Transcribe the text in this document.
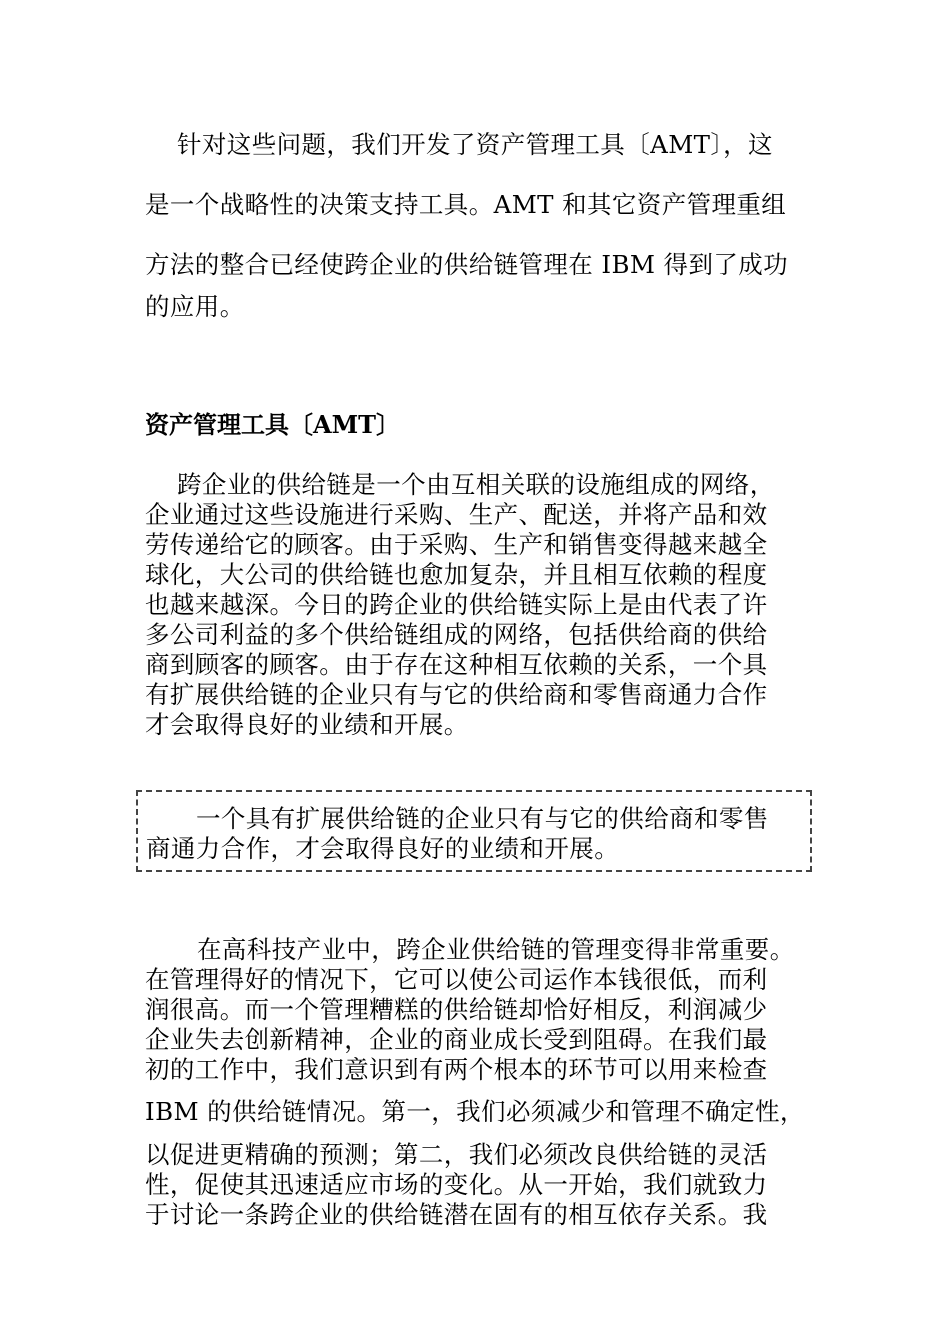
针对这些问题，我们开发了资产管理工具〔AMT〕，这
是一个战略性的决策支持工具。AMT 和其它资产管理重组
方法的整合已经使跨企业的供给链管理在 IBM 得到了成功
的应用。
资产管理工具〔AMT〕
跨企业的供给链是一个由互相关联的设施组成的网络，
企业通过这些设施进行采购、生产、配送，并将产品和效
劳传递给它的顾客。由于采购、生产和销售变得越来越全
球化，大公司的供给链也愈加复杂，并且相互依赖的程度
也越来越深。今日的跨企业的供给链实际上是由代表了许
多公司利益的多个供给链组成的网络，包括供给商的供给
商到顾客的顾客。由于存在这种相互依赖的关系，一个具
有扩展供给链的企业只有与它的供给商和零售商通力合作
才会取得良好的业绩和开展。
一个具有扩展供给链的企业只有与它的供给商和零售
商通力合作，才会取得良好的业绩和开展。
在高科技产业中，跨企业供给链的管理变得非常重要。
在管理得好的情况下，它可以使公司运作本钱很低，而利
润很高。而一个管理糟糕的供给链却恰好相反，利润减少
企业失去创新精神，企业的商业成长受到阻碍。在我们最
初的工作中，我们意识到有两个根本的环节可以用来检查
IBM 的供给链情况。第一，我们必须减少和管理不确定性，
以促进更精确的预测；第二，我们必须改良供给链的灵活
性，促使其迅速适应市场的变化。从一开始，我们就致力
于讨论一条跨企业的供给链潜在固有的相互依存关系。我
